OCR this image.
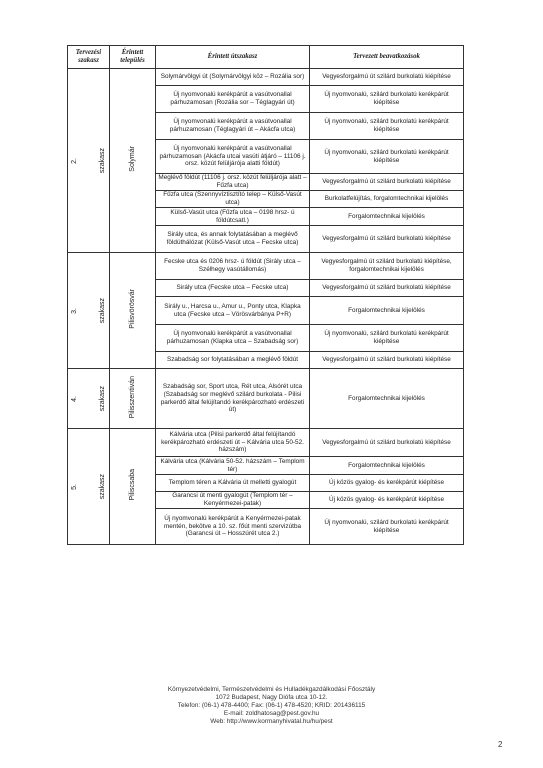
Tervezési szakasz	Érintett település	Érintett útszakasz	Tervezett beavatkozások

2. szakasz	Solymár	Solymárvölgyi út (Solymárvölgyi köz – Rozália sor)	Vegyesforgalmú út szilárd burkolatú kiépítése
		Új nyomvonalú kerékpárút a vasútvonallal párhuzamosan (Rozália sor – Téglagyári út)	Új nyomvonalú, szilárd burkolatú kerékpárút kiépítése
		Új nyomvonalú kerékpárút a vasútvonallal párhuzamosan (Téglagyári út – Akácfa utca)	Új nyomvonalú, szilárd burkolatú kerékpárút kiépítése
		Új nyomvonalú kerékpárút a vasútvonallal párhuzamosan (Akácfa utcai vasúti átjáró – 11106 j. orsz. közút felüljárója alatti földút)	Új nyomvonalú, szilárd burkolatú kerékpárút kiépítése
		Meglévő földút (11106 j. orsz. közút felüljárója alatt – Fűzfa utca)	Vegyesforgalmú út szilárd burkolatú kiépítése
		Fűzfa utca (Szennyvíztisztító telep – Külső-Vasút utca)	Burkolatfelújítás, forgalomtechnikai kijelölés
		Külső-Vasút utca (Fűzfa utca – 0198 hrsz- ú földútcsatl.)	Forgalomtechnikai kijelölés
		Sirály utca, és annak folytatásában a meglévő földúthálózat (Külső-Vasút utca – Fecske utca)	Vegyesforgalmú út szilárd burkolatú kiépítése

3. szakasz	Pilisvörösvár	Fecske utca és 0206 hrsz- ú földút (Sirály utca – Szélhegy vasútállomás)	Vegyesforgalmú út szilárd burkolatú kiépítése, forgalomtechnikai kijelölés
		Sirály utca (Fecske utca – Fecske utca)	Vegyesforgalmú út szilárd burkolatú kiépítése
		Sirály u., Harcsa u., Amur u., Ponty utca, Klapka utca (Fecske utca – Vörösvárbánya P+R)	Forgalomtechnikai kijelölés
		Új nyomvonalú kerékpárút a vasútvonallal párhuzamosan (Klapka utca – Szabadság sor)	Új nyomvonalú, szilárd burkolatú kerékpárút kiépítése
		Szabadság sor folytatásában a meglévő földút	Vegyesforgalmú út szilárd burkolatú kiépítése

4. szakasz	Pilisszentiván	Szabadság sor, Sport utca, Rét utca, Alsórét utca (Szabadság sor meglévő szilárd burkolata - Pilisi parkerdő által felújítandó kerékpározható erdészeti út)	Forgalomtechnikai kijelölés

5. szakasz	Piliscsaba	Kálvária utca (Pilisi parkerdő által felújítandó kerékpározható erdészeti út – Kálvária utca 50-52. házszám)	Vegyesforgalmú út szilárd burkolatú kiépítése
		Kálvária utca (Kálvária 50-52. házszám – Templom tér)	Forgalomtechnikai kijelölés
		Templom téren a Kálvária út melletti gyalogút	Új közös gyalog- és kerékpárút kiépítése
		Garancsi út menti gyalogút (Templom tér – Kenyérmezei-patak)	Új közös gyalog- és kerékpárút kiépítése
		Új nyomvonalú kerékpárút a Kenyérmezei-patak mentén, bekötve a 10. sz. főút menti szervizútba (Garancsi út – Hosszúrét utca 2.)	Új nyomvonalú, szilárd burkolatú kerékpárút kiépítése
Környezetvédelmi, Természetvédelmi és Hulladékgazdálkodási Főosztály
1072 Budapest, Nagy Diófa utca 10-12.
Telefon: (06-1) 478-4400; Fax: (06-1) 478-4520; KRID: 201436115
E-mail: zoldhatosag@pest.gov.hu
Web: http://www.kormanyhivatal.hu/hu/pest
2
